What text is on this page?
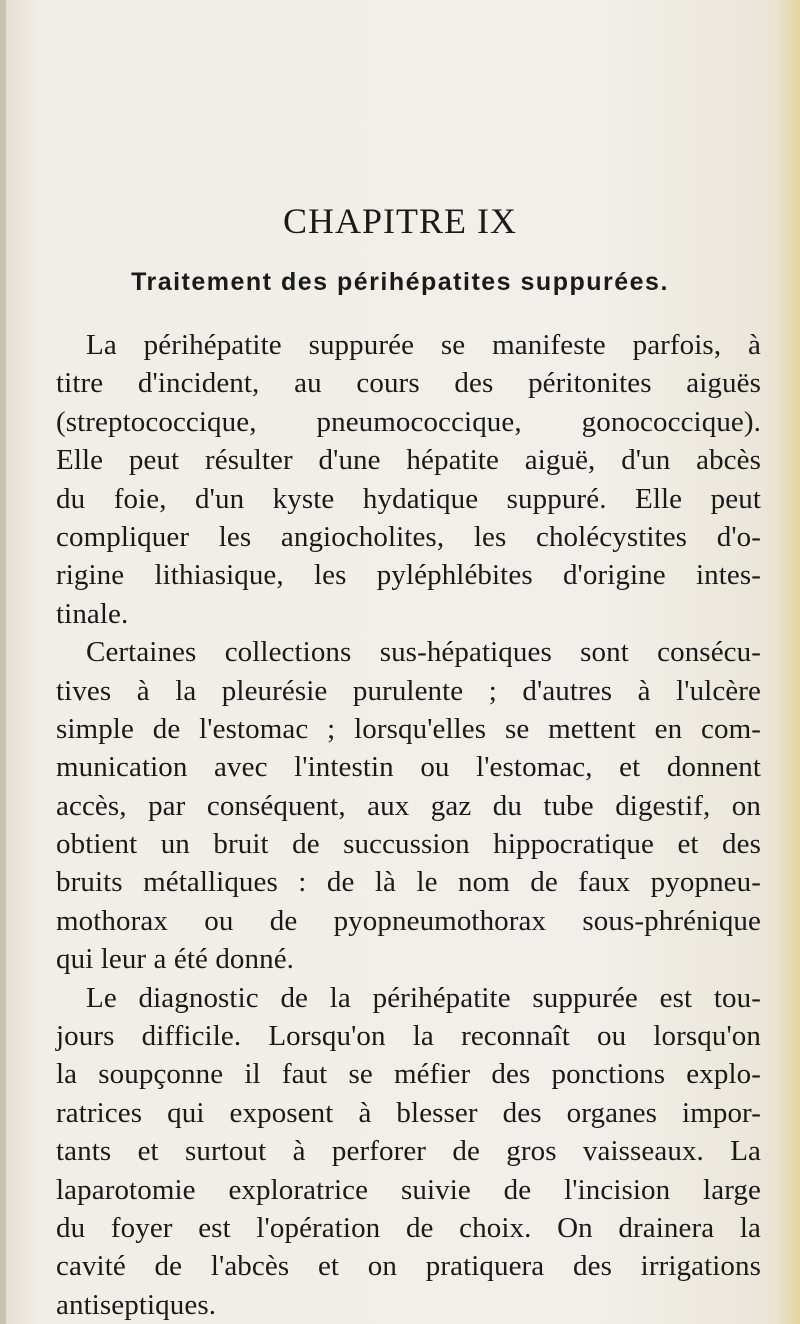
CHAPITRE IX
Traitement des périhépatites suppurées.
La périhépatite suppurée se manifeste parfois, à
titre d'incident, au cours des péritonites aiguës
(streptococcique, pneumococcique, gonococcique).
Elle peut résulter d'une hépatite aiguë, d'un abcès
du foie, d'un kyste hydatique suppuré. Elle peut
compliquer les angiocholites, les cholécystites d'o-
rigine lithiasique, les pyléphlébites d'origine intes-
tinale.
Certaines collections sus-hépatiques sont consécu-
tives à la pleurésie purulente ; d'autres à l'ulcère
simple de l'estomac ; lorsqu'elles se mettent en com-
munication avec l'intestin ou l'estomac, et donnent
accès, par conséquent, aux gaz du tube digestif, on
obtient un bruit de succussion hippocratique et des
bruits métalliques : de là le nom de faux pyopneu-
mothorax ou de pyopneumothorax sous-phrénique
qui leur a été donné.
Le diagnostic de la périhépatite suppurée est tou-
jours difficile. Lorsqu'on la reconnaît ou lorsqu'on
la soupçonne il faut se méfier des ponctions explo-
ratrices qui exposent à blesser des organes impor-
tants et surtout à perforer de gros vaisseaux. La
laparotomie exploratrice suivie de l'incision large
du foyer est l'opération de choix. On drainera la
cavité de l'abcès et on pratiquera des irrigations
antiseptiques.
